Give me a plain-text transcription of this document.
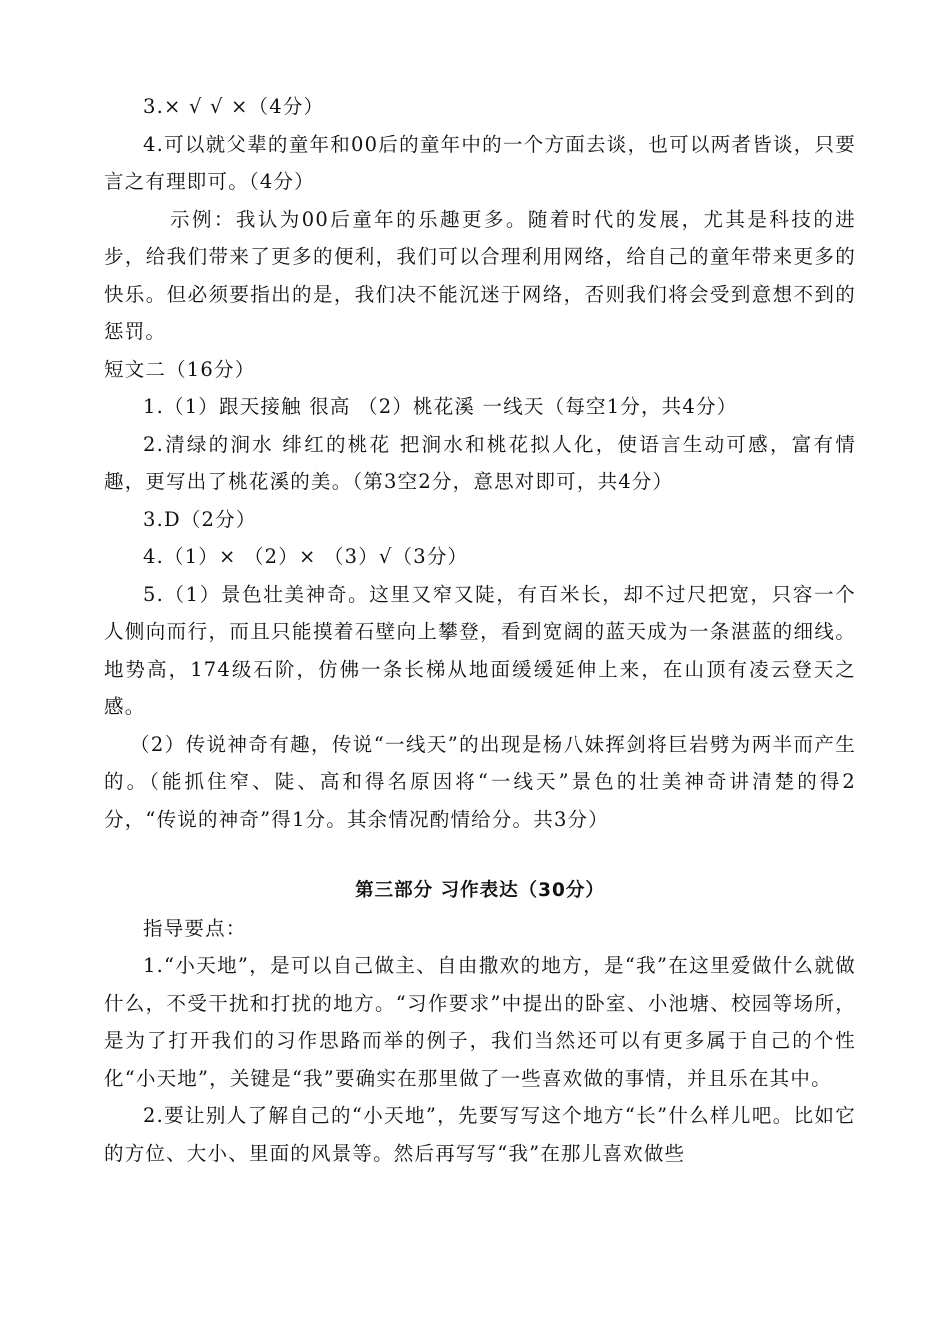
3.× √ √ ×（4分）

4.可以就父辈的童年和00后的童年中的一个方面去谈，也可以两者皆谈，只要言之有理即可。（4分）

示例：我认为00后童年的乐趣更多。随着时代的发展，尤其是科技的进步，给我们带来了更多的便利，我们可以合理利用网络，给自己的童年带来更多的快乐。但必须要指出的是，我们决不能沉迷于网络，否则我们将会受到意想不到的惩罚。

短文二（16分）

1.（1）跟天接触 很高 （2）桃花溪 一线天（每空1分，共4分）

2.清绿的涧水 绯红的桃花 把涧水和桃花拟人化，使语言生动可感，富有情趣，更写出了桃花溪的美。（第3空2分，意思对即可，共4分）

3.D（2分）

4.（1）× （2）× （3）√（3分）

5.（1）景色壮美神奇。这里又窄又陡，有百米长，却不过尺把宽，只容一个人侧向而行，而且只能摸着石壁向上攀登，看到宽阔的蓝天成为一条湛蓝的细线。地势高，174级石阶，仿佛一条长梯从地面缓缓延伸上来，在山顶有凌云登天之感。

（2）传说神奇有趣，传说“一线天”的出现是杨八妹挥剑将巨岩劈为两半而产生的。（能抓住窄、陡、高和得名原因将“一线天”景色的壮美神奇讲清楚的得2分，“传说的神奇”得1分。其余情况酌情给分。共3分）

第三部分 习作表达（30分）

指导要点：

1.“小天地”，是可以自己做主、自由撒欢的地方，是“我”在这里爱做什么就做什么，不受干扰和打扰的地方。“习作要求”中提出的卧室、小池塘、校园等场所，是为了打开我们的习作思路而举的例子，我们当然还可以有更多属于自己的个性化“小天地”，关键是“我”要确实在那里做了一些喜欢做的事情，并且乐在其中。

2.要让别人了解自己的“小天地”，先要写写这个地方“长”什么样儿吧。比如它的方位、大小、里面的风景等。然后再写写“我”在那儿喜欢做些
